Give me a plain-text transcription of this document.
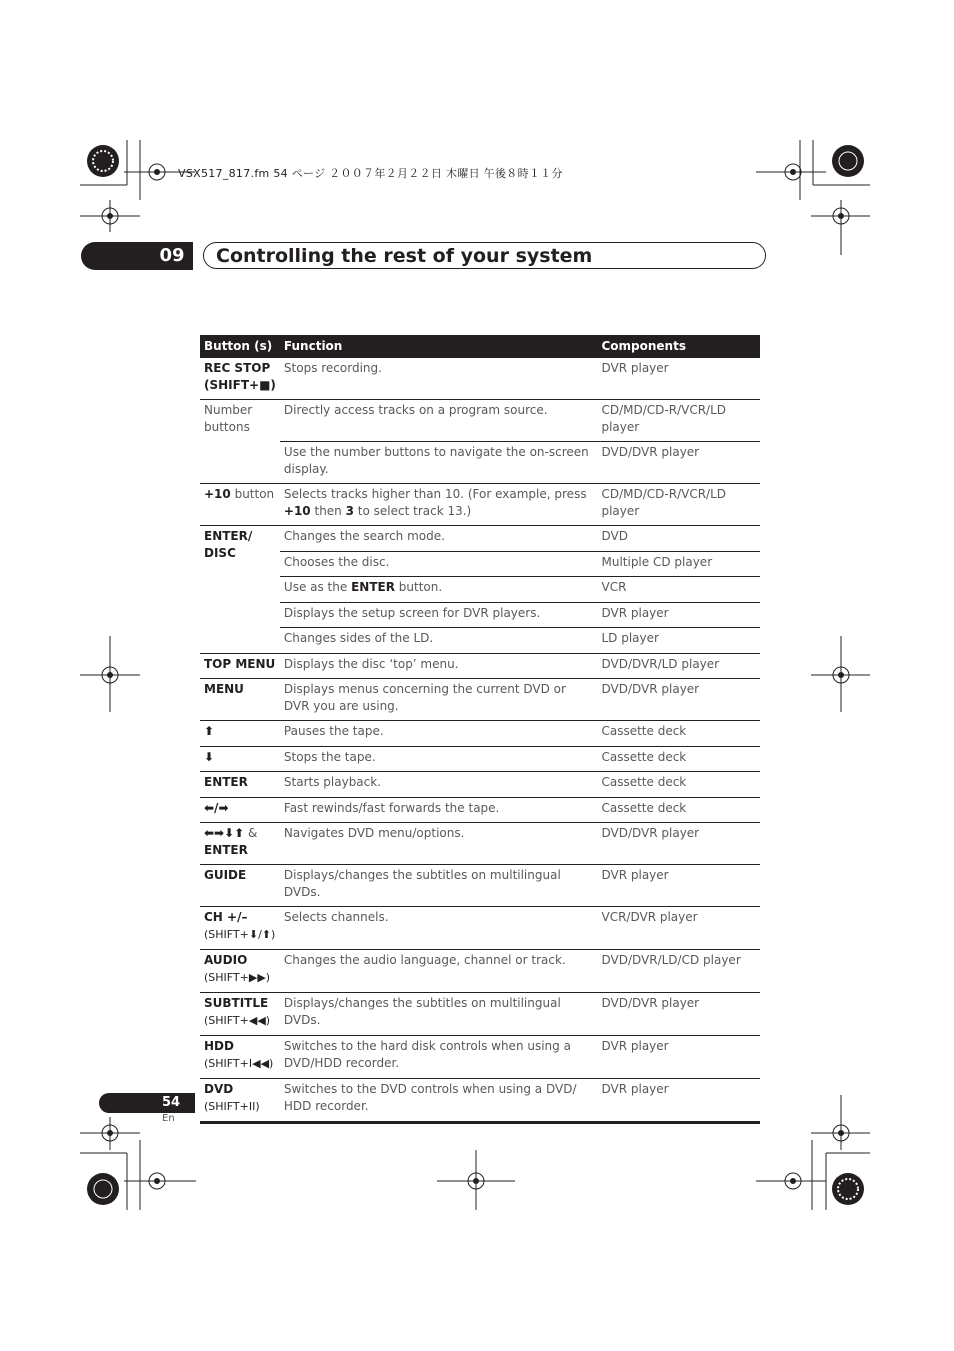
VSX517_817.fm 54 ページ ２００７年２月２２日 木曜日 午後８時１１分
09	Controlling the rest of your system
Button (s)	Function	Components
REC STOP
(SHIFT+■)	Stops recording.	DVR player
Number
buttons	Directly access tracks on a program source.	CD/MD/CD-R/VCR/LD player
	Use the number buttons to navigate the on-screen display.	DVD/DVR player
+10 button	Selects tracks higher than 10. (For example, press +10 then 3 to select track 13.)	CD/MD/CD-R/VCR/LD player
ENTER/
DISC	Changes the search mode.	DVD
	Chooses the disc.	Multiple CD player
	Use as the ENTER button.	VCR
	Displays the setup screen for DVR players.	DVR player
	Changes sides of the LD.	LD player
TOP MENU	Displays the disc ‘top’ menu.	DVD/DVR/LD player
MENU	Displays menus concerning the current DVD or DVR you are using.	DVD/DVR player
⬆	Pauses the tape.	Cassette deck
⬇	Stops the tape.	Cassette deck
ENTER	Starts playback.	Cassette deck
⬅/➡	Fast rewinds/fast forwards the tape.	Cassette deck
⬅➡⬇⬆ &
ENTER	Navigates DVD menu/options.	DVD/DVR player
GUIDE	Displays/changes the subtitles on multilingual DVDs.	DVR player
CH +/–
(SHIFT+⬇/⬆)	Selects channels.	VCR/DVR player
AUDIO
(SHIFT+▶▶)	Changes the audio language, channel or track.	DVD/DVR/LD/CD player
SUBTITLE
(SHIFT+◀◀)	Displays/changes the subtitles on multilingual DVDs.	DVD/DVR player
HDD
(SHIFT+I◀◀)	Switches to the hard disk controls when using a DVD/HDD recorder.	DVR player
DVD
(SHIFT+II)	Switches to the DVD controls when using a DVD/ HDD recorder.	DVR player
54
En
